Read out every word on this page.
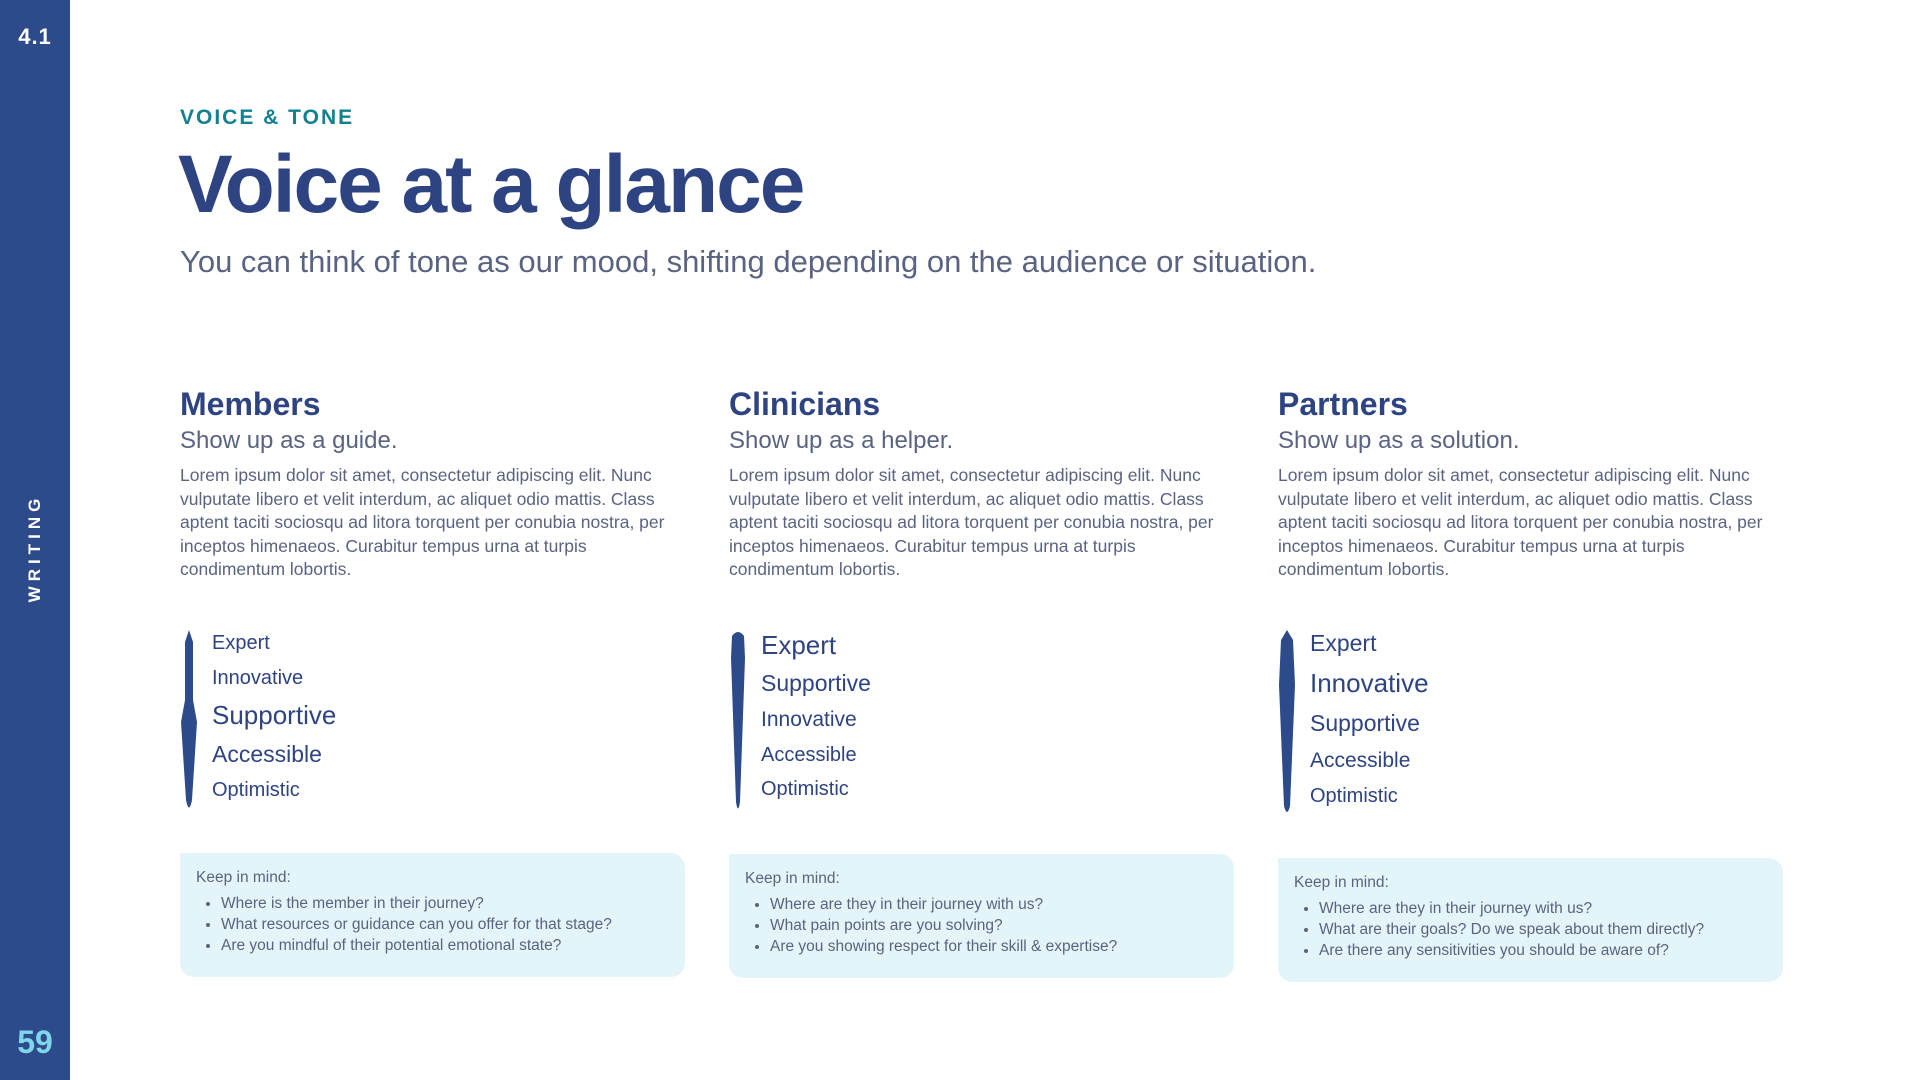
4.1
WRITING
59
VOICE & TONE
Voice at a glance
You can think of tone as our mood, shifting depending on the audience or situation.
Members
Show up as a guide.
Lorem ipsum dolor sit amet, consectetur adipiscing elit. Nunc vulputate libero et velit interdum, ac aliquet odio mattis. Class aptent taciti sociosqu ad litora torquent per conubia nostra, per inceptos himenaeos. Curabitur tempus urna at turpis condimentum lobortis.
Expert
Innovative
Supportive
Accessible
Optimistic
Keep in mind:
• Where is the member in their journey?
• What resources or guidance can you offer for that stage?
• Are you mindful of their potential emotional state?
Clinicians
Show up as a helper.
Lorem ipsum dolor sit amet, consectetur adipiscing elit. Nunc vulputate libero et velit interdum, ac aliquet odio mattis. Class aptent taciti sociosqu ad litora torquent per conubia nostra, per inceptos himenaeos. Curabitur tempus urna at turpis condimentum lobortis.
Expert
Supportive
Innovative
Accessible
Optimistic
Keep in mind:
• Where are they in their journey with us?
• What pain points are you solving?
• Are you showing respect for their skill & expertise?
Partners
Show up as a solution.
Lorem ipsum dolor sit amet, consectetur adipiscing elit. Nunc vulputate libero et velit interdum, ac aliquet odio mattis. Class aptent taciti sociosqu ad litora torquent per conubia nostra, per inceptos himenaeos. Curabitur tempus urna at turpis condimentum lobortis.
Expert
Innovative
Supportive
Accessible
Optimistic
Keep in mind:
• Where are they in their journey with us?
• What are their goals? Do we speak about them directly?
• Are there any sensitivities you should be aware of?
